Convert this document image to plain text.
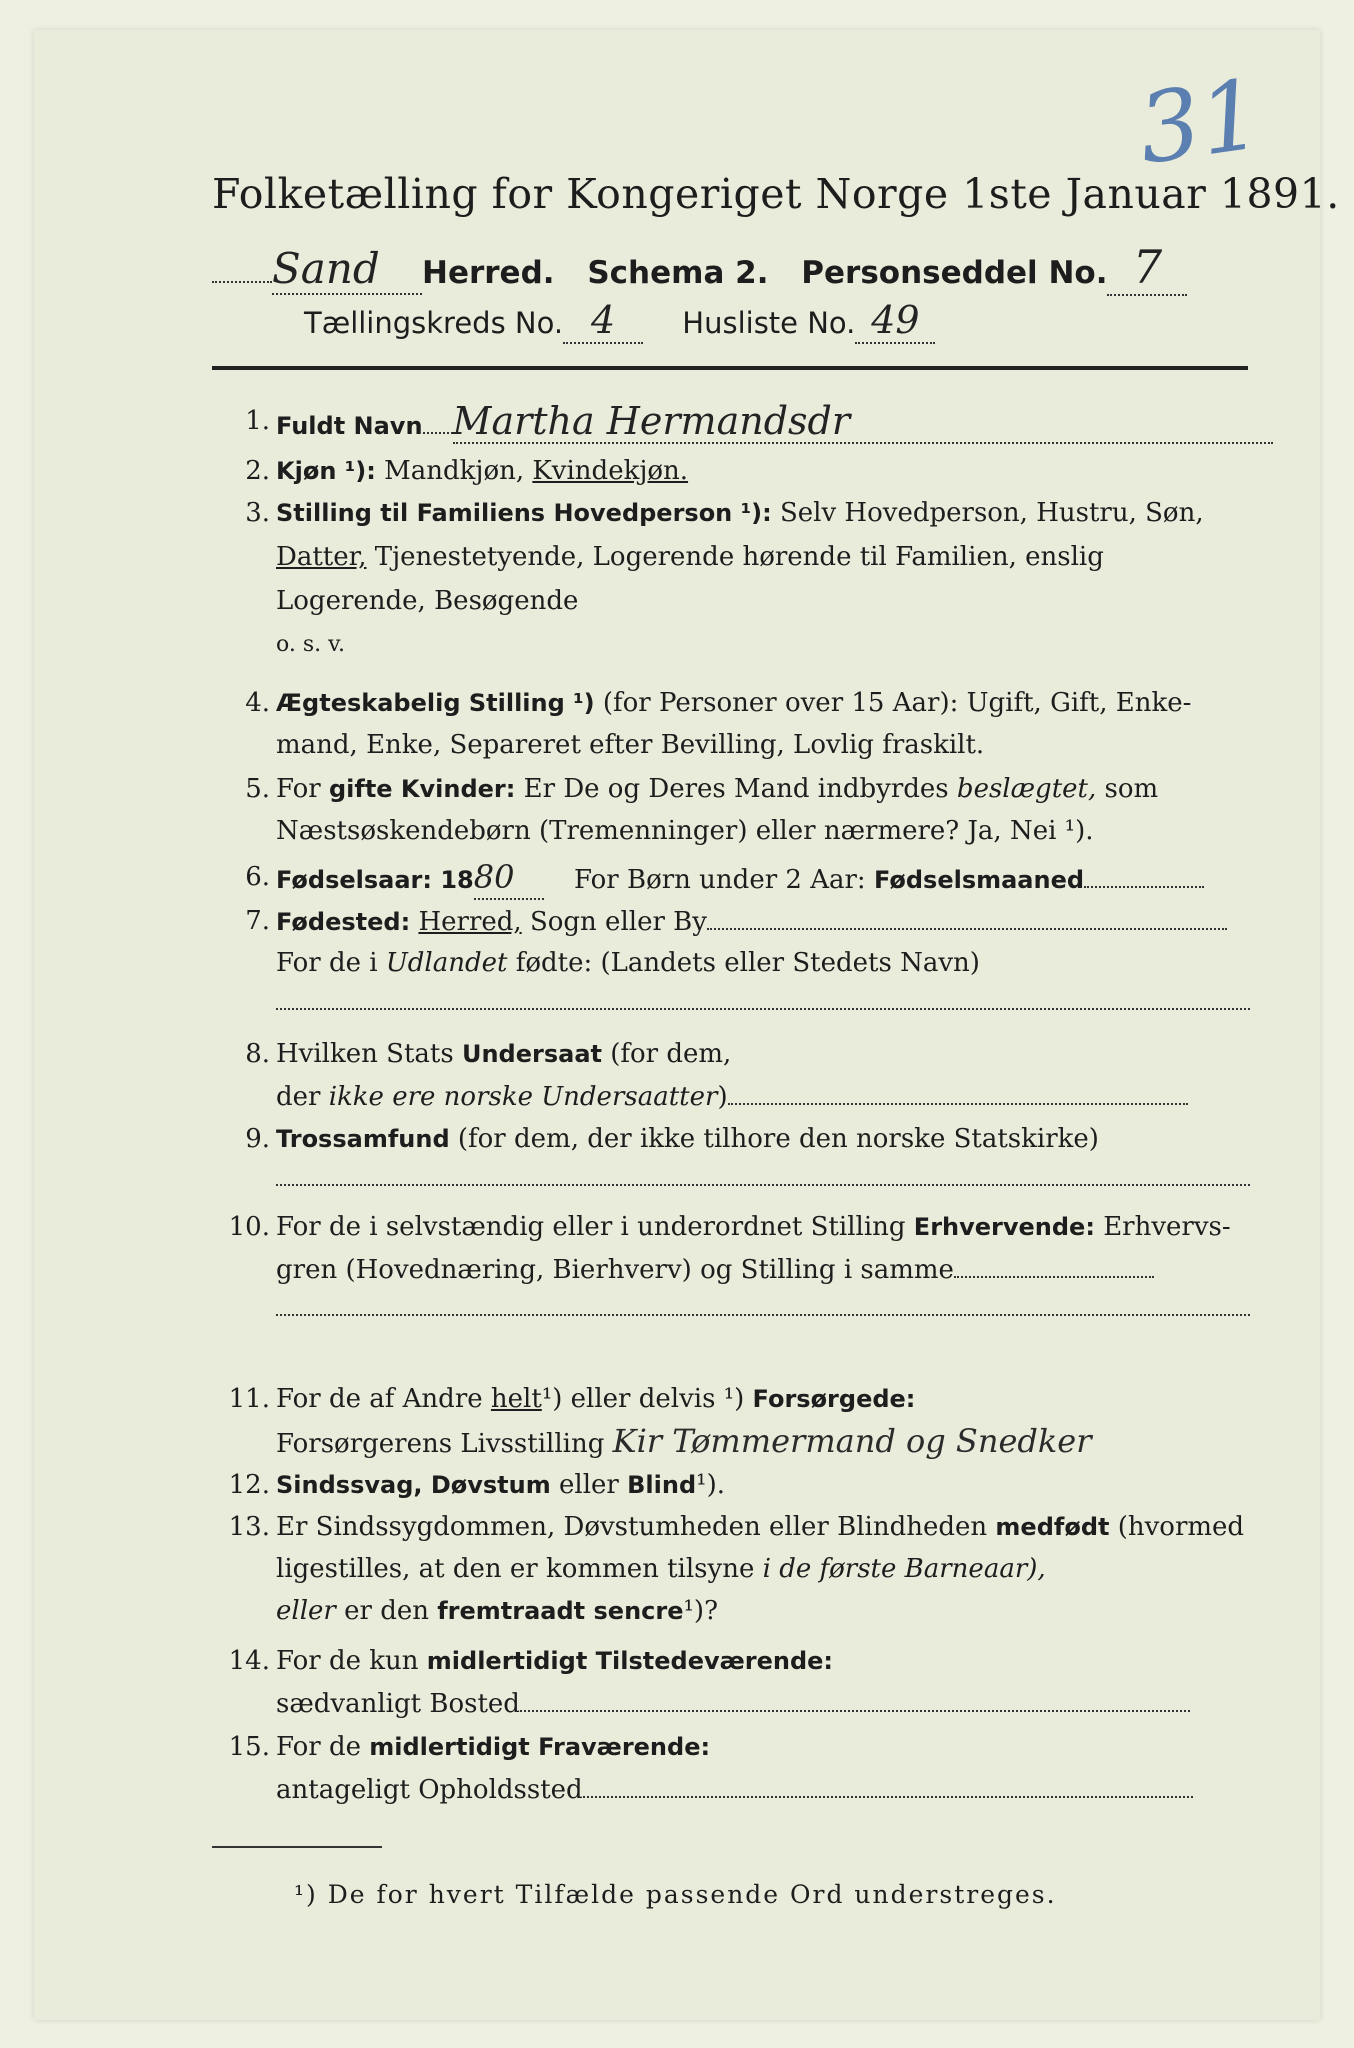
31
Folketælling for Kongeriget Norge 1ste Januar 1891.
Sand Herred. Schema 2. Personseddel No. 7
Tællingskreds No. 4 Husliste No. 49
1. Fuldt Navn Martha Hermandsdr
2. Kjøn ¹): Mandkjøn, Kvindekjøn.
3. Stilling til Familiens Hovedperson ¹): Selv Hovedperson, Hustru, Søn,
Datter, Tjenestetyende, Logerende hørende til Familien, enslig
Logerende, Besøgende
o. s. v.
4. Ægteskabelig Stilling ¹) (for Personer over 15 Aar): Ugift, Gift, Enke-
mand, Enke, Separeret efter Bevilling, Lovlig fraskilt.
5. For gifte Kvinder: Er De og Deres Mand indbyrdes beslægtet, som
Næstsøskendebørn (Tremenninger) eller nærmere? Ja, Nei ¹).
6. Fødselsaar: 1880 For Børn under 2 Aar: Fødselsmaaned
7. Fødested: Herred, Sogn eller By
For de i Udlandet fødte: (Landets eller Stedets Navn)
8. Hvilken Stats Undersaat (for dem,
der ikke ere norske Undersaatter)
9. Trossamfund (for dem, der ikke tilhore den norske Statskirke)
10. For de i selvstændig eller i underordnet Stilling Erhvervende: Erhvervs-
gren (Hovednæring, Bierhverv) og Stilling i samme
11. For de af Andre helt¹) eller delvis ¹) Forsørgede:
Forsørgerens Livsstilling Kir Tømmermand og Snedker
12. Sindssvag, Døvstum eller Blind¹).
13. Er Sindssygdommen, Døvstumheden eller Blindheden medfødt (hvormed
ligestilles, at den er kommen tilsyne i de første Barneaar),
eller er den fremtraadt sencre¹)?
14. For de kun midlertidigt Tilstedeværende:
sædvanligt Bosted
15. For de midlertidigt Fraværende:
antageligt Opholdssted
¹) De for hvert Tilfælde passende Ord understreges.
